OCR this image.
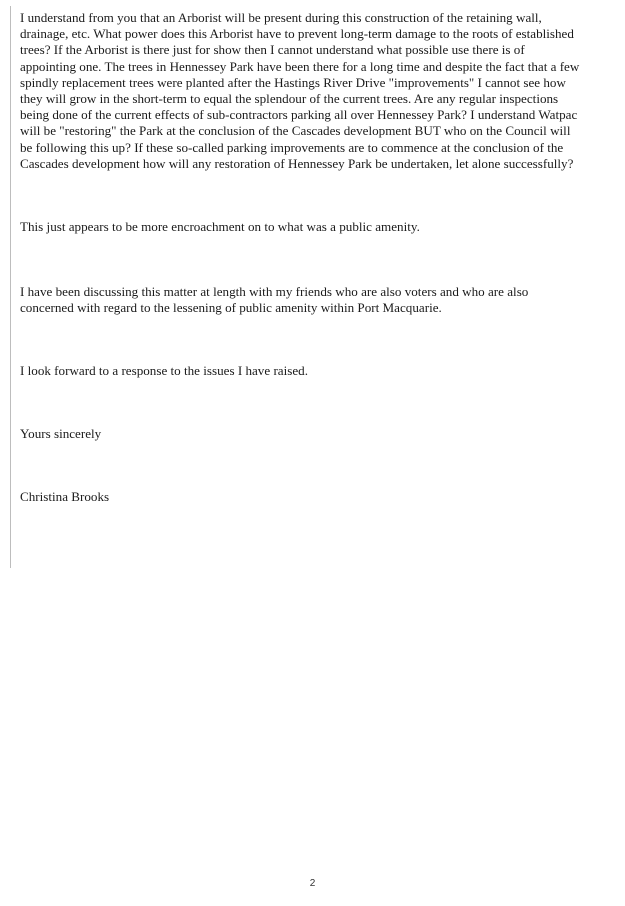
I understand from you that an Arborist will be present during this construction of the retaining wall,
drainage, etc. What power does this Arborist have to prevent long-term damage to the roots of established
trees? If the Arborist is there just for show then I cannot understand what possible use there is of
appointing one. The trees in Hennessey Park have been there for a long time and despite the fact that a few
spindly replacement trees were planted after the Hastings River Drive "improvements" I cannot see how
they will grow in the short-term to equal the splendour of the current trees. Are any regular inspections
being done of the current effects of sub-contractors parking all over Hennessey Park? I understand Watpac
will be "restoring" the Park at the conclusion of the Cascades development BUT who on the Council will
be following this up? If these so-called parking improvements are to commence at the conclusion of the
Cascades development how will any restoration of Hennessey Park be undertaken, let alone successfully?
This just appears to be more encroachment on to what was a public amenity.
I have been discussing this matter at length with my friends who are also voters and who are also
concerned with regard to the lessening of public amenity within Port Macquarie.
I look forward to a response to the issues I have raised.
Yours sincerely
Christina Brooks
2
